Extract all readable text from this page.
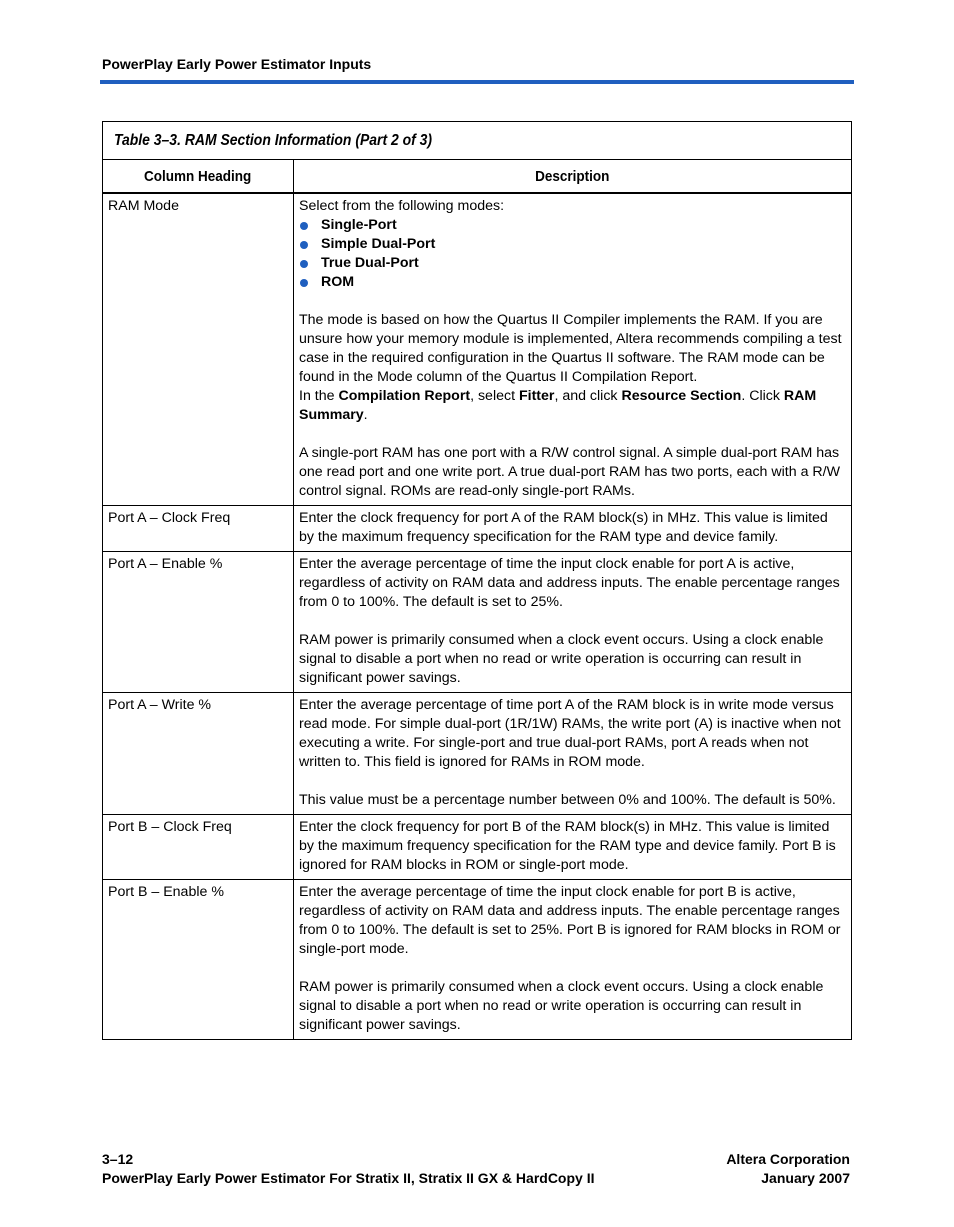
PowerPlay Early Power Estimator Inputs
Table 3–3. RAM Section Information (Part 2 of 3)
Column Heading	Description
RAM Mode	Select from the following modes:

Single-Port
Simple Dual-Port
True Dual-Port
ROM

The mode is based on how the Quartus II Compiler implements the RAM. If you are unsure how your memory module is implemented, Altera recommends compiling a test case in the required configuration in the Quartus II software. The RAM mode can be found in the Mode column of the Quartus II Compilation Report.

In the Compilation Report, select Fitter, and click Resource Section. Click RAM Summary.

A single-port RAM has one port with a R/W control signal. A simple dual-port RAM has one read port and one write port. A true dual-port RAM has two ports, each with a R/W control signal. ROMs are read-only single-port RAMs.

Port A – Clock Freq	Enter the clock frequency for port A of the RAM block(s) in MHz. This value is limited by the maximum frequency specification for the RAM type and device family.

Port A – Enable %	Enter the average percentage of time the input clock enable for port A is active, regardless of activity on RAM data and address inputs. The enable percentage ranges from 0 to 100%. The default is set to 25%.

RAM power is primarily consumed when a clock event occurs. Using a clock enable signal to disable a port when no read or write operation is occurring can result in significant power savings.

Port A – Write %	Enter the average percentage of time port A of the RAM block is in write mode versus read mode. For simple dual-port (1R/1W) RAMs, the write port (A) is inactive when not executing a write. For single-port and true dual-port RAMs, port A reads when not written to. This field is ignored for RAMs in ROM mode.

This value must be a percentage number between 0% and 100%. The default is 50%.

Port B – Clock Freq	Enter the clock frequency for port B of the RAM block(s) in MHz. This value is limited by the maximum frequency specification for the RAM type and device family. Port B is ignored for RAM blocks in ROM or single-port mode.

Port B – Enable %	Enter the average percentage of time the input clock enable for port B is active, regardless of activity on RAM data and address inputs. The enable percentage ranges from 0 to 100%. The default is set to 25%. Port B is ignored for RAM blocks in ROM or single-port mode.

RAM power is primarily consumed when a clock event occurs. Using a clock enable signal to disable a port when no read or write operation is occurring can result in significant power savings.

3–12
PowerPlay Early Power Estimator For Stratix II, Stratix II GX & HardCopy II
Altera Corporation
January 2007
